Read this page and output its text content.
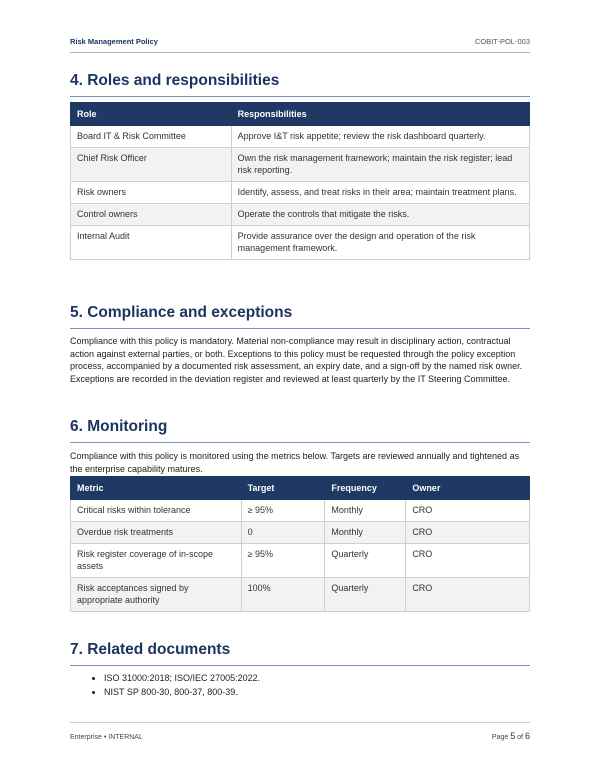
Risk Management Policy	COBIT-POL-003
4. Roles and responsibilities
Role	Responsibilities
Board IT & Risk Committee	Approve I&T risk appetite; review the risk dashboard quarterly.
Chief Risk Officer	Own the risk management framework; maintain the risk register; lead risk reporting.
Risk owners	Identify, assess, and treat risks in their area; maintain treatment plans.
Control owners	Operate the controls that mitigate the risks.
Internal Audit	Provide assurance over the design and operation of the risk management framework.
5. Compliance and exceptions

Compliance with this policy is mandatory. Material non-compliance may result in disciplinary action, contractual action against external parties, or both. Exceptions to this policy must be requested through the policy exception process, accompanied by a documented risk assessment, an expiry date, and a sign-off by the named risk owner. Exceptions are recorded in the deviation register and reviewed at least quarterly by the IT Steering Committee.

6. Monitoring

Compliance with this policy is monitored using the metrics below. Targets are reviewed annually and tightened as the enterprise capability matures.

Metric	Target	Frequency	Owner
Critical risks within tolerance	≥ 95%	Monthly	CRO
Overdue risk treatments	0	Monthly	CRO
Risk register coverage of in-scope assets	≥ 95%	Quarterly	CRO
Risk acceptances signed by appropriate authority	100%	Quarterly	CRO
7. Related documents
• ISO 31000:2018; ISO/IEC 27005:2022.
• NIST SP 800-30, 800-37, 800-39.
Enterprise • INTERNAL	Page 5 of 6
